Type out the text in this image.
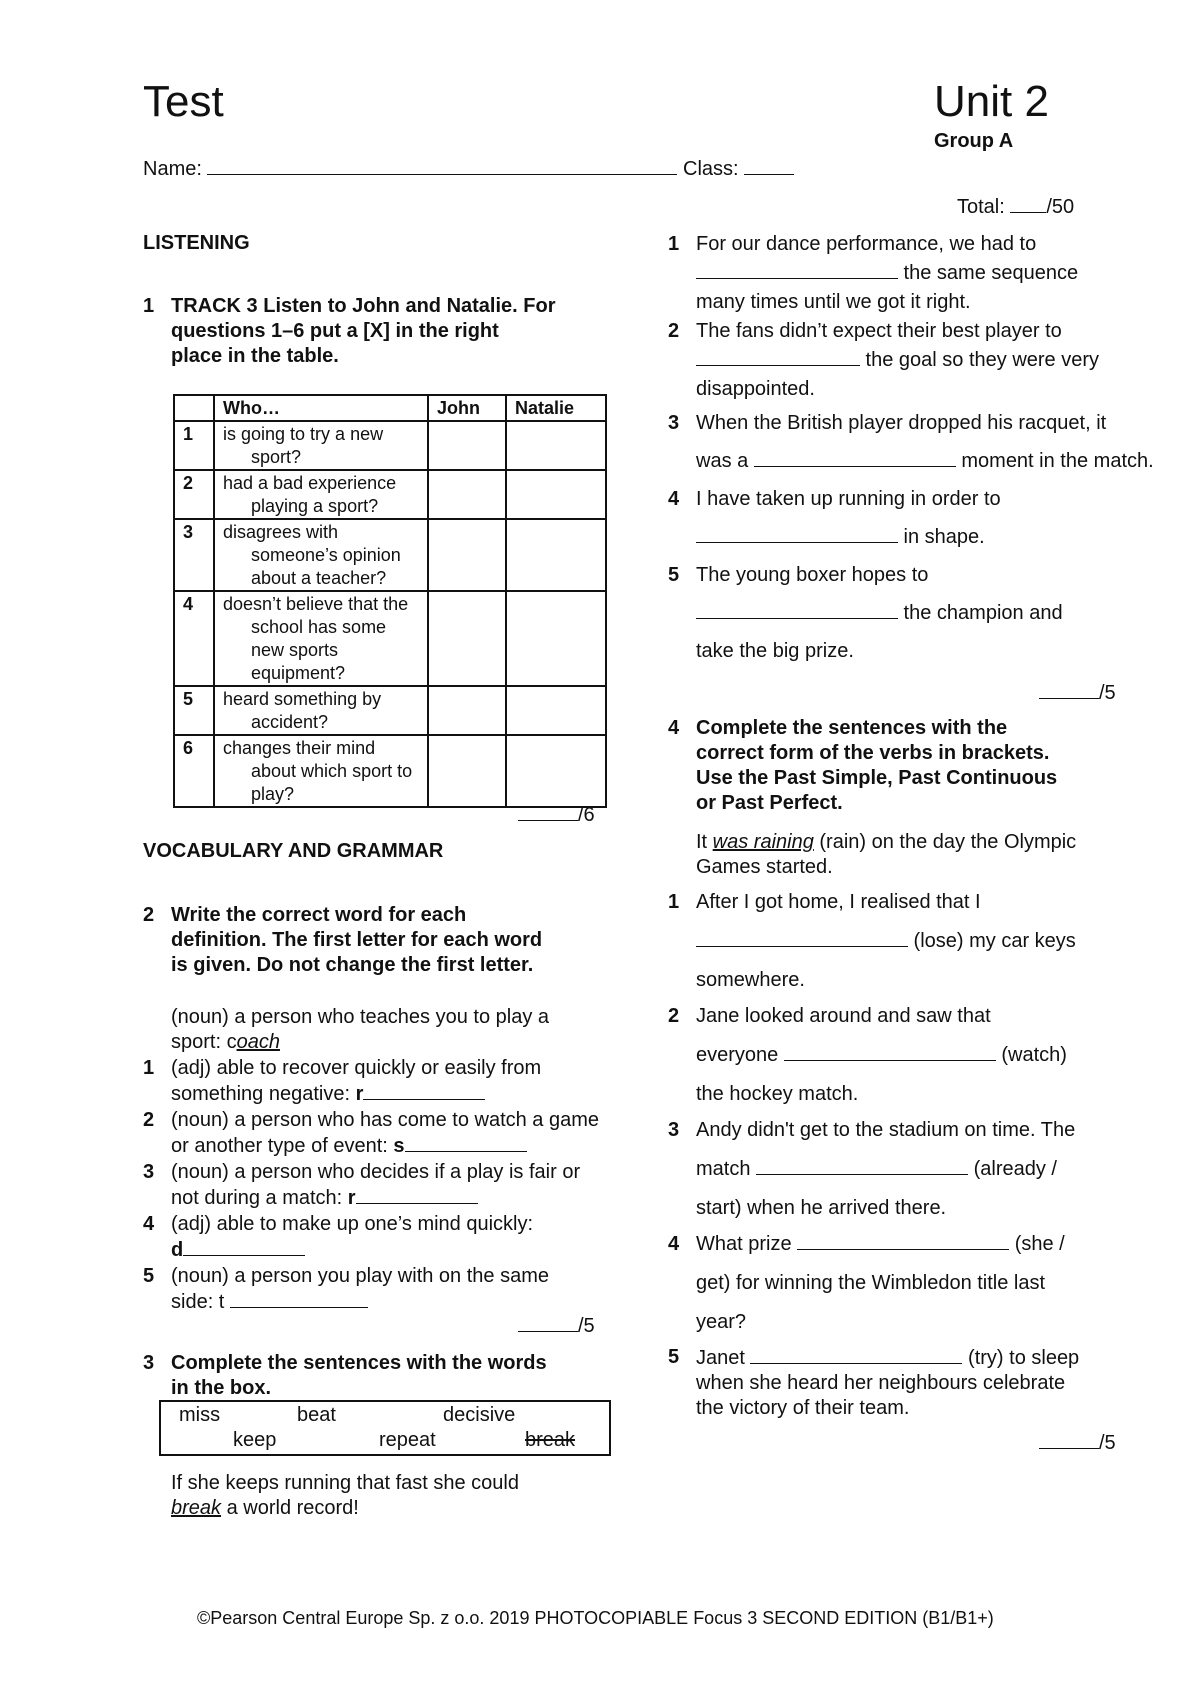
Test	Unit 2
Group A
Name:	Class:
Total: /50
LISTENING
1 TRACK 3 Listen to John and Natalie. For
questions 1–6 put a [X] in the right
place in the table.
	Who…	John	Natalie
1	is going to try a new sport?		

2	had a bad experience playing a sport?		

3	disagrees with someone’s opinion about a teacher?		

4	doesn’t believe that the school has some new sports equipment?		

5	heard something by accident?		

6	changes their mind about which sport to play?		

/6
VOCABULARY AND GRAMMAR
2 Write the correct word for each
definition. The first letter for each word
is given. Do not change the first letter.
(noun) a person who teaches you to play a
sport: coach
1 (adj) able to recover quickly or easily from
something negative: r
2 (noun) a person who has come to watch a game
or another type of event: s
3 (noun) a person who decides if a play is fair or
not during a match: r
4 (adj) able to make up one’s mind quickly:
d
5 (noun) a person you play with on the same
side: t
/5
3 Complete the sentences with the words
in the box.
miss	beat	decisive
keep	repeat	break
If she keeps running that fast she could
break a world record!
1 For our dance performance, we had to
the same sequence
many times until we got it right.
2 The fans didn’t expect their best player to
the goal so they were very
disappointed.
3 When the British player dropped his racquet, it
was a	moment in the match.
4 I have taken up running in order to
in shape.
5 The young boxer hopes to
the champion and
take the big prize.
/5
4 Complete the sentences with the
correct form of the verbs in brackets.
Use the Past Simple, Past Continuous
or Past Perfect.
It was raining (rain) on the day the Olympic
Games started.
1 After I got home, I realised that I
(lose) my car keys
somewhere.
2 Jane looked around and saw that
everyone	(watch)
the hockey match.
3 Andy didn't get to the stadium on time. The
match	(already /
start) when he arrived there.
4 What prize	(she /
get) for winning the Wimbledon title last
year?
5 Janet	(try) to sleep
when she heard her neighbours celebrate
the victory of their team.
/5
©Pearson Central Europe Sp. z o.o. 2019 PHOTOCOPIABLE Focus 3 SECOND EDITION (B1/B1+)
